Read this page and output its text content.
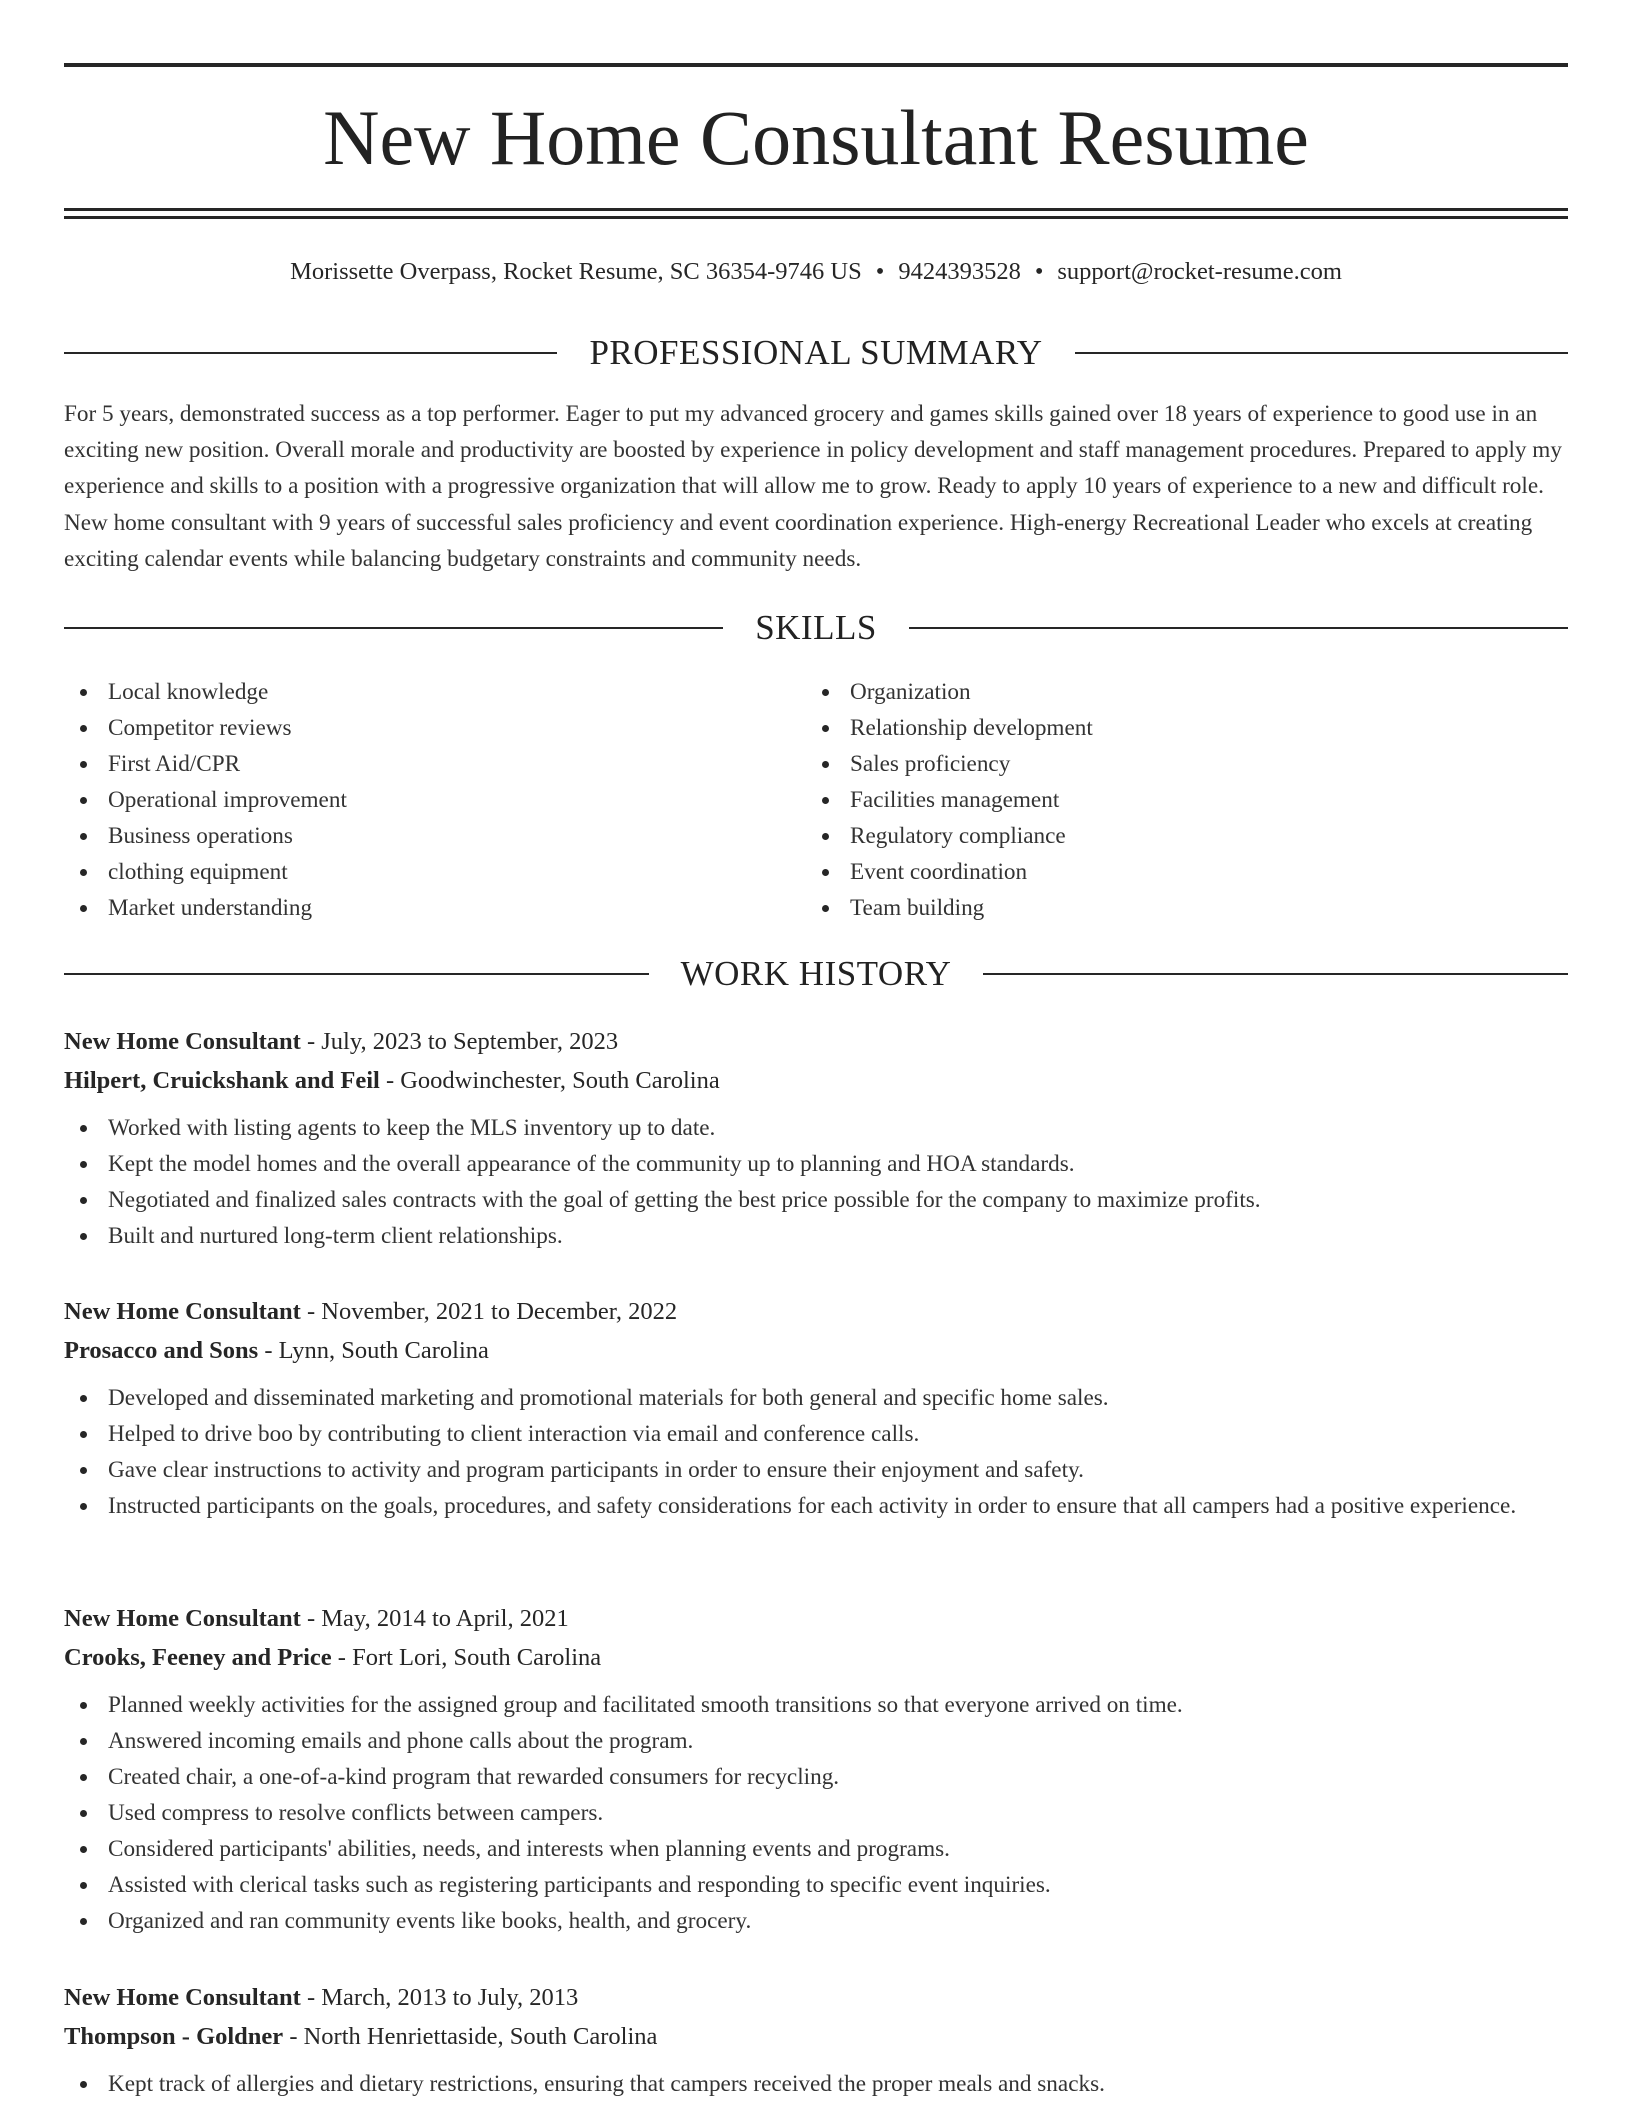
New Home Consultant Resume
Morissette Overpass, Rocket Resume, SC 36354-9746 US • 9424393528 • support@rocket-resume.com
PROFESSIONAL SUMMARY

For 5 years, demonstrated success as a top performer. Eager to put my advanced grocery and games skills gained over 18 years of experience to good use in an exciting new position. Overall morale and productivity are boosted by experience in policy development and staff management procedures. Prepared to apply my experience and skills to a position with a progressive organization that will allow me to grow. Ready to apply 10 years of experience to a new and difficult role. New home consultant with 9 years of successful sales proficiency and event coordination experience. High-energy Recreational Leader who excels at creating exciting calendar events while balancing budgetary constraints and community needs.

SKILLS
Local knowledge
Competitor reviews
First Aid/CPR
Operational improvement
Business operations
clothing equipment
Market understanding
Organization
Relationship development
Sales proficiency
Facilities management
Regulatory compliance
Event coordination
Team building
WORK HISTORY
New Home Consultant - July, 2023 to September, 2023
Hilpert, Cruickshank and Feil - Goodwinchester, South Carolina
Worked with listing agents to keep the MLS inventory up to date.
Kept the model homes and the overall appearance of the community up to planning and HOA standards.
Negotiated and finalized sales contracts with the goal of getting the best price possible for the company to maximize profits.
Built and nurtured long-term client relationships.
New Home Consultant - November, 2021 to December, 2022
Prosacco and Sons - Lynn, South Carolina
Developed and disseminated marketing and promotional materials for both general and specific home sales.
Helped to drive boo by contributing to client interaction via email and conference calls.
Gave clear instructions to activity and program participants in order to ensure their enjoyment and safety.
Instructed participants on the goals, procedures, and safety considerations for each activity in order to ensure that all campers had a positive experience.
New Home Consultant - May, 2014 to April, 2021
Crooks, Feeney and Price - Fort Lori, South Carolina
Planned weekly activities for the assigned group and facilitated smooth transitions so that everyone arrived on time.
Answered incoming emails and phone calls about the program.
Created chair, a one-of-a-kind program that rewarded consumers for recycling.
Used compress to resolve conflicts between campers.
Considered participants' abilities, needs, and interests when planning events and programs.
Assisted with clerical tasks such as registering participants and responding to specific event inquiries.
Organized and ran community events like books, health, and grocery.
New Home Consultant - March, 2013 to July, 2013
Thompson - Goldner - North Henriettaside, South Carolina
Kept track of allergies and dietary restrictions, ensuring that campers received the proper meals and snacks.
